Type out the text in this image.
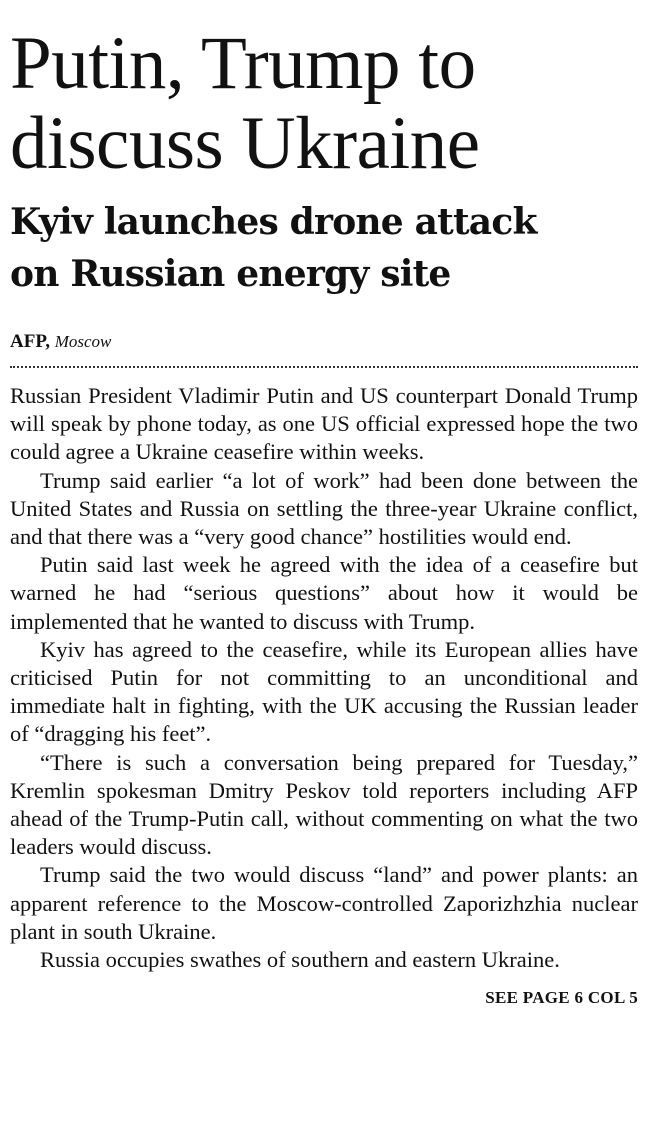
Putin, Trump to
discuss Ukraine
Kyiv launches drone attack
on Russian energy site
AFP, Moscow

Russian President Vladimir Putin and US counterpart Donald Trump will speak by phone today, as one US official expressed hope the two could agree a Ukraine ceasefire within weeks.

Trump said earlier “a lot of work” had been done between the United States and Russia on settling the three-year Ukraine conflict, and that there was a “very good chance” hostilities would end.

Putin said last week he agreed with the idea of a ceasefire but warned he had “serious questions” about how it would be implemented that he wanted to discuss with Trump.

Kyiv has agreed to the ceasefire, while its European allies have criticised Putin for not committing to an unconditional and immediate halt in fighting, with the UK accusing the Russian leader of “dragging his feet”.

“There is such a conversation being prepared for Tuesday,” Kremlin spokesman Dmitry Peskov told reporters including AFP ahead of the Trump-Putin call, without commenting on what the two leaders would discuss.

Trump said the two would discuss “land” and power plants: an apparent reference to the Moscow-controlled Zaporizhzhia nuclear plant in south Ukraine.

Russia occupies swathes of southern and eastern Ukraine.

SEE PAGE 6 COL 5
